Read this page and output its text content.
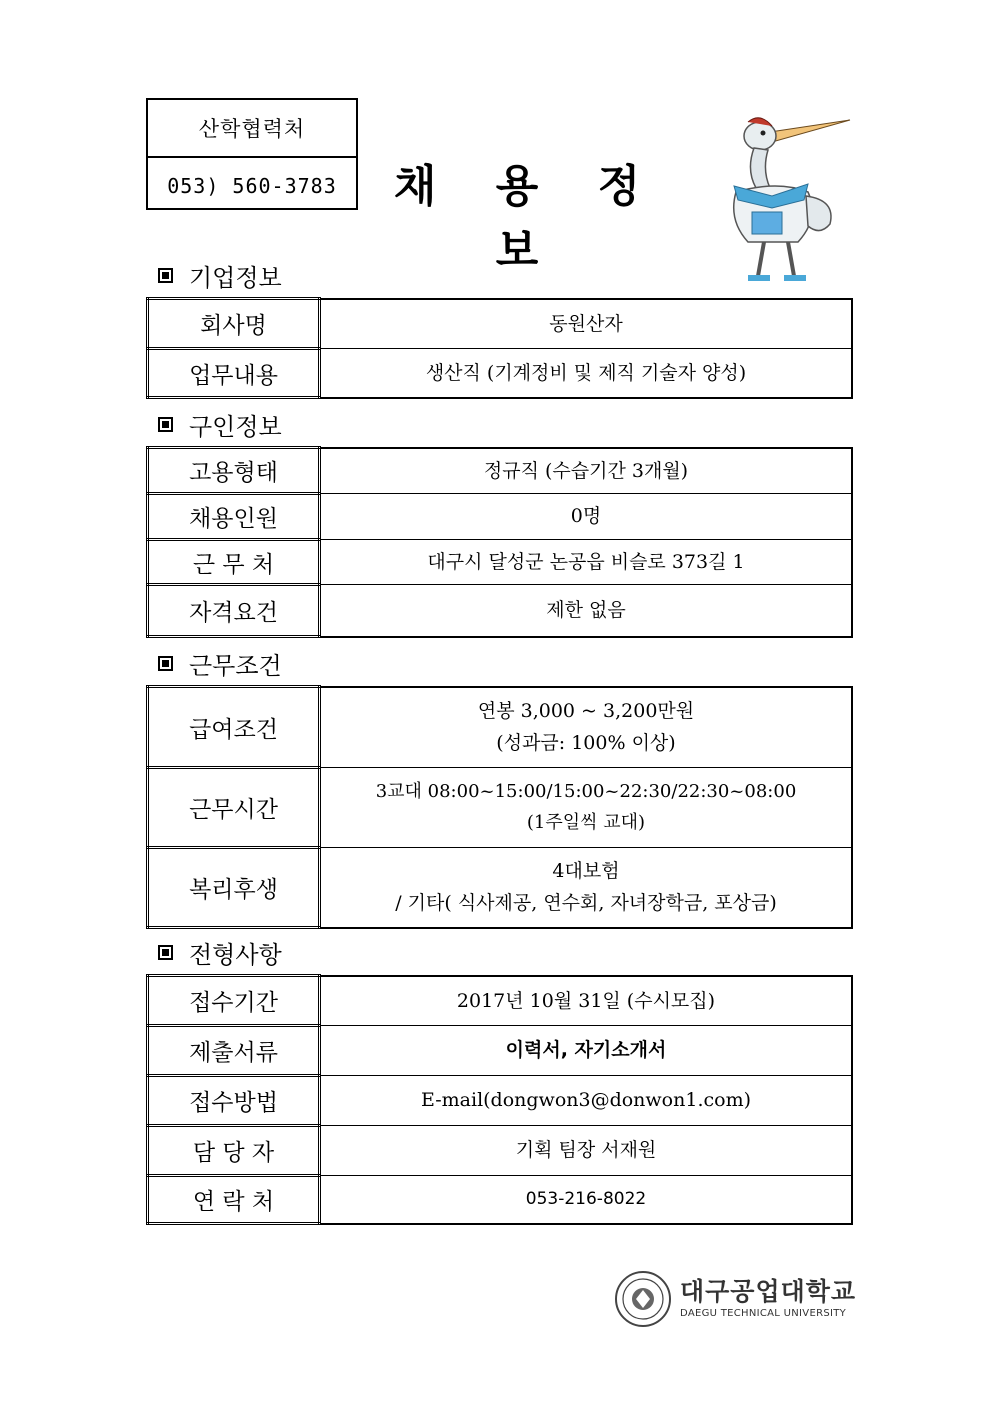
산학협력처
053) 560-3783	채 용 정 보
기업정보
회사명	동원산자
업무내용	생산직 (기계정비 및 제직 기술자 양성)
구인정보
고용형태	정규직 (수습기간 3개월)
채용인원	0명
근 무 처	대구시 달성군 논공읍 비슬로 373길 1
자격요건	제한 없음
근무조건
급여조건	연봉 3,000 ~ 3,200만원
(성과금: 100% 이상)

근무시간	3교대 08:00~15:00/15:00~22:30/22:30~08:00
(1주일씩 교대)

복리후생	4대보험
/ 기타( 식사제공, 연수회, 자녀장학금, 포상금)
전형사항
접수기간	2017년 10월 31일 (수시모집)
제출서류	이력서, 자기소개서
접수방법	E-mail(dongwon3@donwon1.com)
담 당 자	기획 팀장 서재원
연 락 처	053-216-8022
대구공업대학교
DAEGU TECHNICAL UNIVERSITY
